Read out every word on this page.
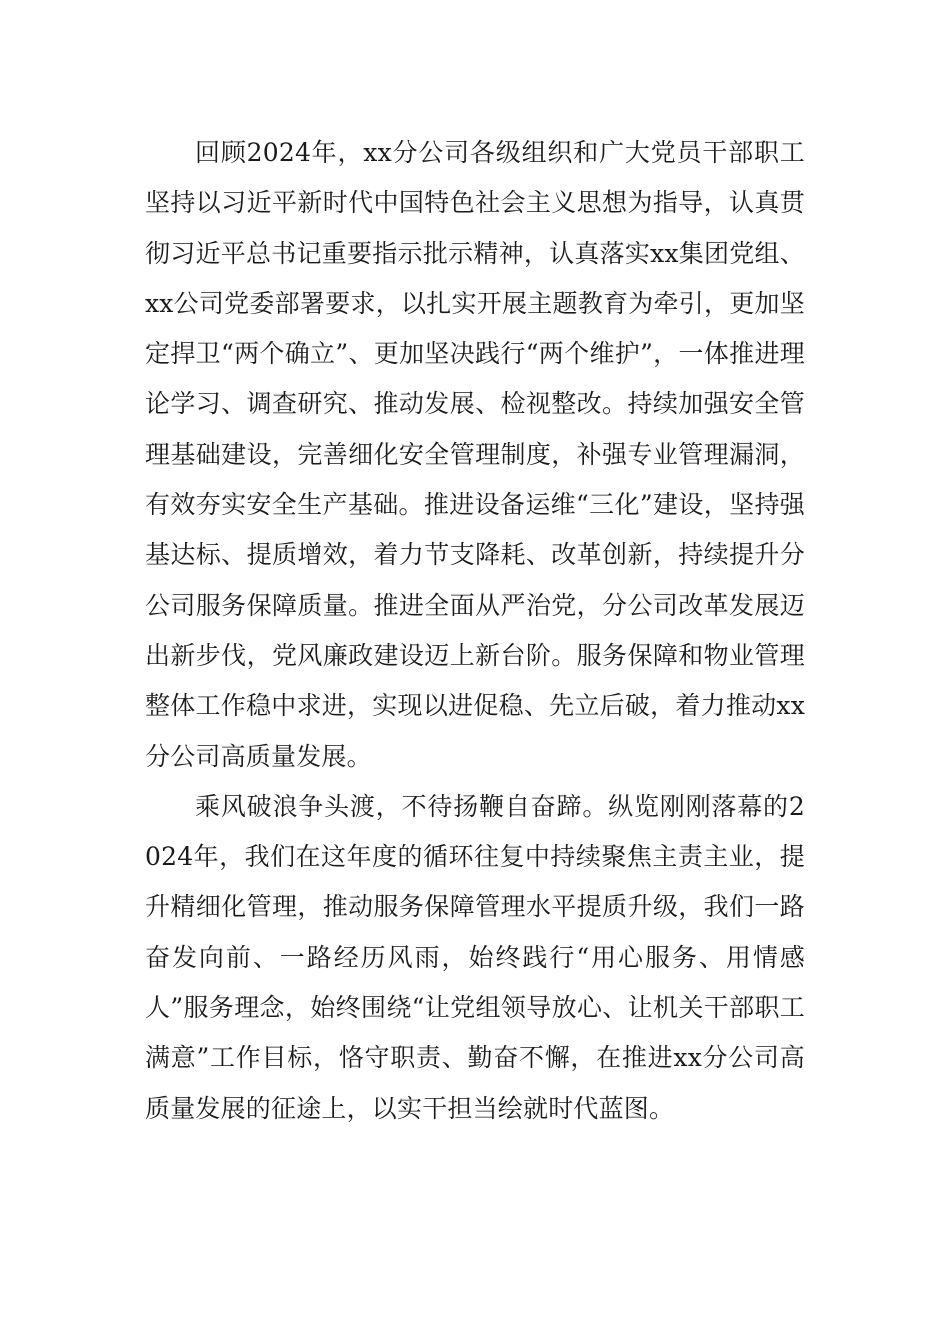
回顾2024年，xx分公司各级组织和广大党员干部职工坚持以习近平新时代中国特色社会主义思想为指导，认真贯彻习近平总书记重要指示批示精神，认真落实xx集团党组、xx公司党委部署要求，以扎实开展主题教育为牵引，更加坚定捍卫“两个确立”、更加坚决践行“两个维护”，一体推进理论学习、调查研究、推动发展、检视整改。持续加强安全管理基础建设，完善细化安全管理制度，补强专业管理漏洞，有效夯实安全生产基础。推进设备运维“三化”建设，坚持强基达标、提质增效，着力节支降耗、改革创新，持续提升分公司服务保障质量。推进全面从严治党，分公司改革发展迈出新步伐，党风廉政建设迈上新台阶。服务保障和物业管理整体工作稳中求进，实现以进促稳、先立后破，着力推动xx分公司高质量发展。

乘风破浪争头渡，不待扬鞭自奋蹄。纵览刚刚落幕的2024年，我们在这年度的循环往复中持续聚焦主责主业，提升精细化管理，推动服务保障管理水平提质升级，我们一路奋发向前、一路经历风雨，始终践行“用心服务、用情感人”服务理念，始终围绕“让党组领导放心、让机关干部职工满意”工作目标，恪守职责、勤奋不懈，在推进xx分公司高质量发展的征途上，以实干担当绘就时代蓝图。
